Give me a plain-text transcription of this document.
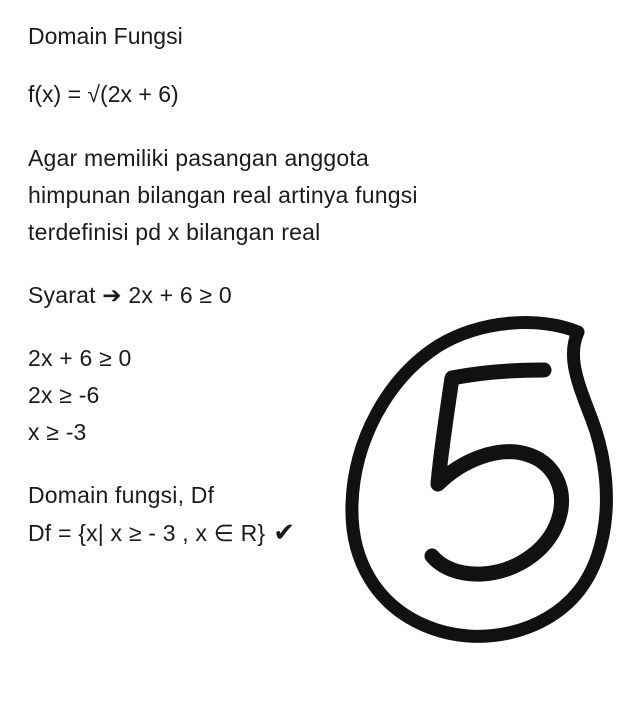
Domain Fungsi
f(x) = √(2x + 6)
Agar memiliki pasangan anggota
himpunan bilangan real artinya fungsi
terdefinisi pd x bilangan real
Syarat ➔ 2x + 6 ≥ 0
2x + 6 ≥ 0
2x ≥ -6
x ≥ -3
Domain fungsi, Df
Df = {x| x ≥ - 3 , x ∈ R} ✔
